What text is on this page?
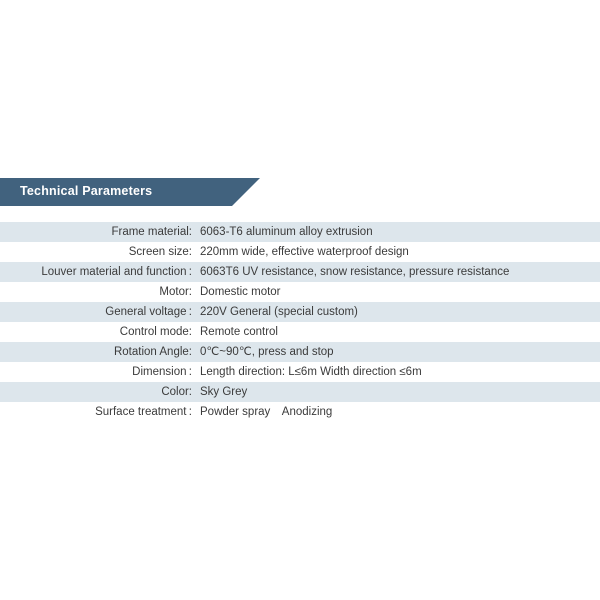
Technical Parameters
Frame material:	6063-T6 aluminum alloy extrusion
Screen size:	220mm wide, effective waterproof design
Louver material and function :	6063T6 UV resistance, snow resistance, pressure resistance
Motor:	Domestic motor
General voltage :	220V General (special custom)
Control mode:	Remote control
Rotation Angle:	0℃~90℃, press and stop
Dimension :	Length direction: L≤6m Width direction ≤6m
Color:	Sky Grey
Surface treatment :	Powder spray Anodizing
